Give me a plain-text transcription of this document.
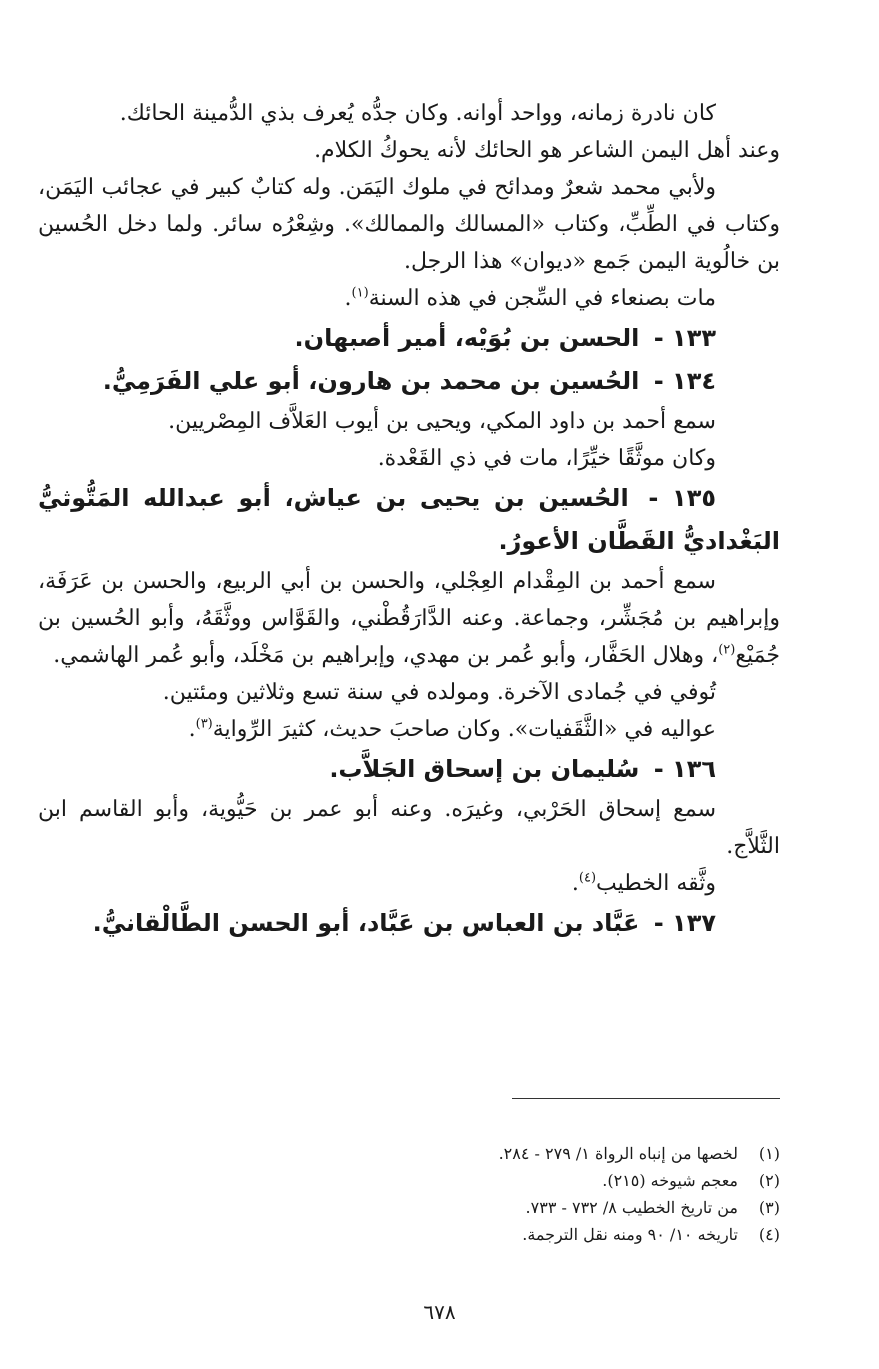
كان نادرة زمانه، وواحد أوانه. وكان جدُّه يُعرف بذي الدُّمينة الحائك.

وعند أهل اليمن الشاعر هو الحائك لأنه يحوكُ الكلام.

ولأبي محمد شعرٌ ومدائح في ملوك اليَمَن. وله كتابٌ كبير في عجائب اليَمَن، وكتاب في الطِّبِّ، وكتاب «المسالك والممالك». وشِعْرُه سائر. ولما دخل الحُسين بن خالُوية اليمن جَمع «ديوان» هذا الرجل.

مات بصنعاء في السِّجن في هذه السنة$^{(١)}$.

١٣٣ - الحسن بن بُوَيْه، أمير أصبهان.

١٣٤ - الحُسين بن محمد بن هارون، أبو علي الفَرَمِيُّ.

سمع أحمد بن داود المكي، ويحيى بن أيوب العَلاَّف المِصْريين.

وكان موثَّقًا خيِّرًا، مات في ذي القَعْدة.

١٣٥ - الحُسين بن يحيى بن عياش، أبو عبدالله المَتُّوثيُّ البَغْداديُّ القَطَّان الأعورُ.

سمع أحمد بن المِقْدام العِجْلي، والحسن بن أبي الربيع، والحسن بن عَرَفَة، وإبراهيم بن مُجَشِّر، وجماعة. وعنه الدَّارَقُطْني، والقَوَّاس ووثَّقَهُ، وأبو الحُسين بن جُمَيْع$^{(٢)}$، وهلال الحَفَّار، وأبو عُمر بن مهدي، وإبراهيم بن مَخْلَد، وأبو عُمر الهاشمي.

تُوفي في جُمادى الآخرة. ومولده في سنة تسع وثلاثين ومئتين.

عواليه في «الثَّقَفيات». وكان صاحبَ حديث، كثيرَ الرِّواية$^{(٣)}$.

١٣٦ - سُليمان بن إسحاق الجَلاَّب.

سمع إسحاق الحَرْبي، وغيرَه. وعنه أبو عمر بن حَيُّوية، وأبو القاسم ابن الثَّلاَّج.

وثَّقه الخطيب$^{(٤)}$.

١٣٧ - عَبَّاد بن العباس بن عَبَّاد، أبو الحسن الطَّالْقانيُّ.

(١)لخصها من إنباه الرواة ١/ ٢٧٩ - ٢٨٤.

(٢)معجم شيوخه (٢١٥).

(٣)من تاريخ الخطيب ٨/ ٧٣٢ - ٧٣٣.

(٤)تاريخه ١٠/ ٩٠ ومنه نقل الترجمة.

٦٧٨
